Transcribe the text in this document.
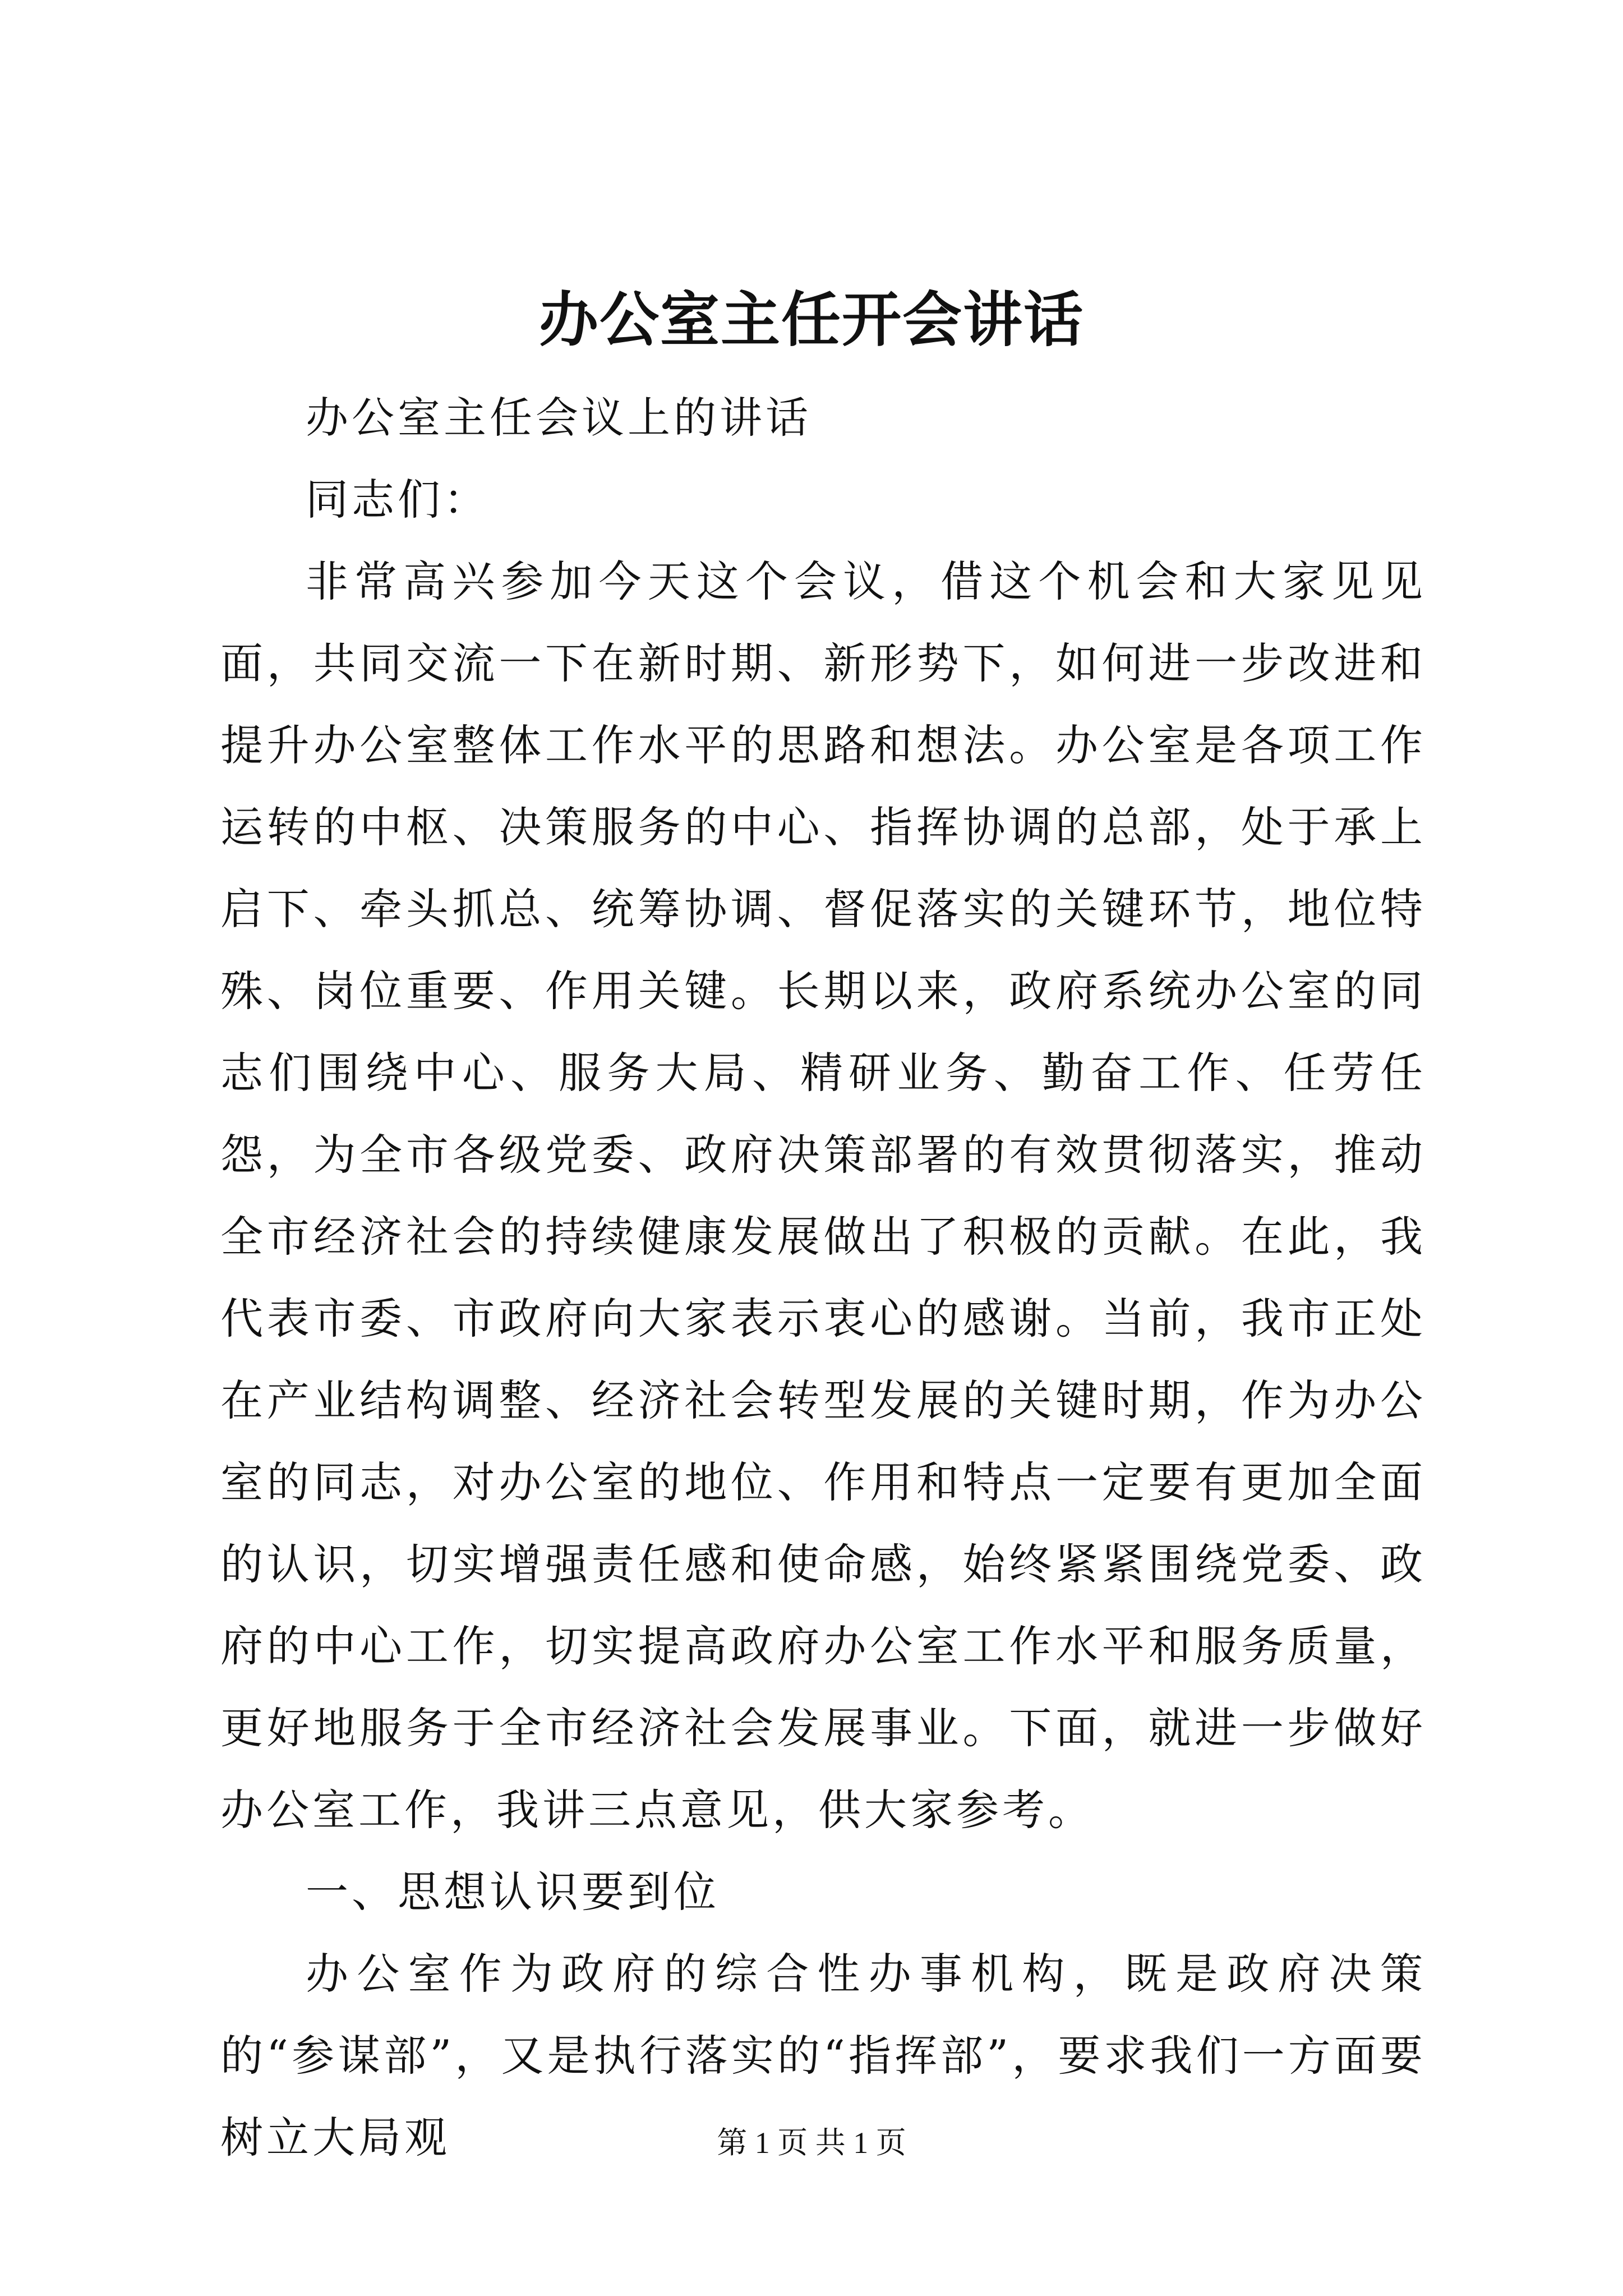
办公室主任开会讲话

办公室主任会议上的讲话

同志们：

非常高兴参加今天这个会议，借这个机会和大家见见面，共同交流一下在新时期、新形势下，如何进一步改进和提升办公室整体工作水平的思路和想法。办公室是各项工作运转的中枢、决策服务的中心、指挥协调的总部，处于承上启下、牵头抓总、统筹协调、督促落实的关键环节，地位特殊、岗位重要、作用关键。长期以来，政府系统办公室的同志们围绕中心、服务大局、精研业务、勤奋工作、任劳任怨，为全市各级党委、政府决策部署的有效贯彻落实，推动全市经济社会的持续健康发展做出了积极的贡献。在此，我代表市委、市政府向大家表示衷心的感谢。当前，我市正处在产业结构调整、经济社会转型发展的关键时期，作为办公室的同志，对办公室的地位、作用和特点一定要有更加全面的认识，切实增强责任感和使命感，始终紧紧围绕党委、政府的中心工作，切实提高政府办公室工作水平和服务质量，更好地服务于全市经济社会发展事业。下面，就进一步做好办公室工作，我讲三点意见，供大家参考。

一、思想认识要到位

办公室作为政府的综合性办事机构，既是政府决策的“参谋部”，又是执行落实的“指挥部”，要求我们一方面要树立大局观	第 1 页 共 1 页
